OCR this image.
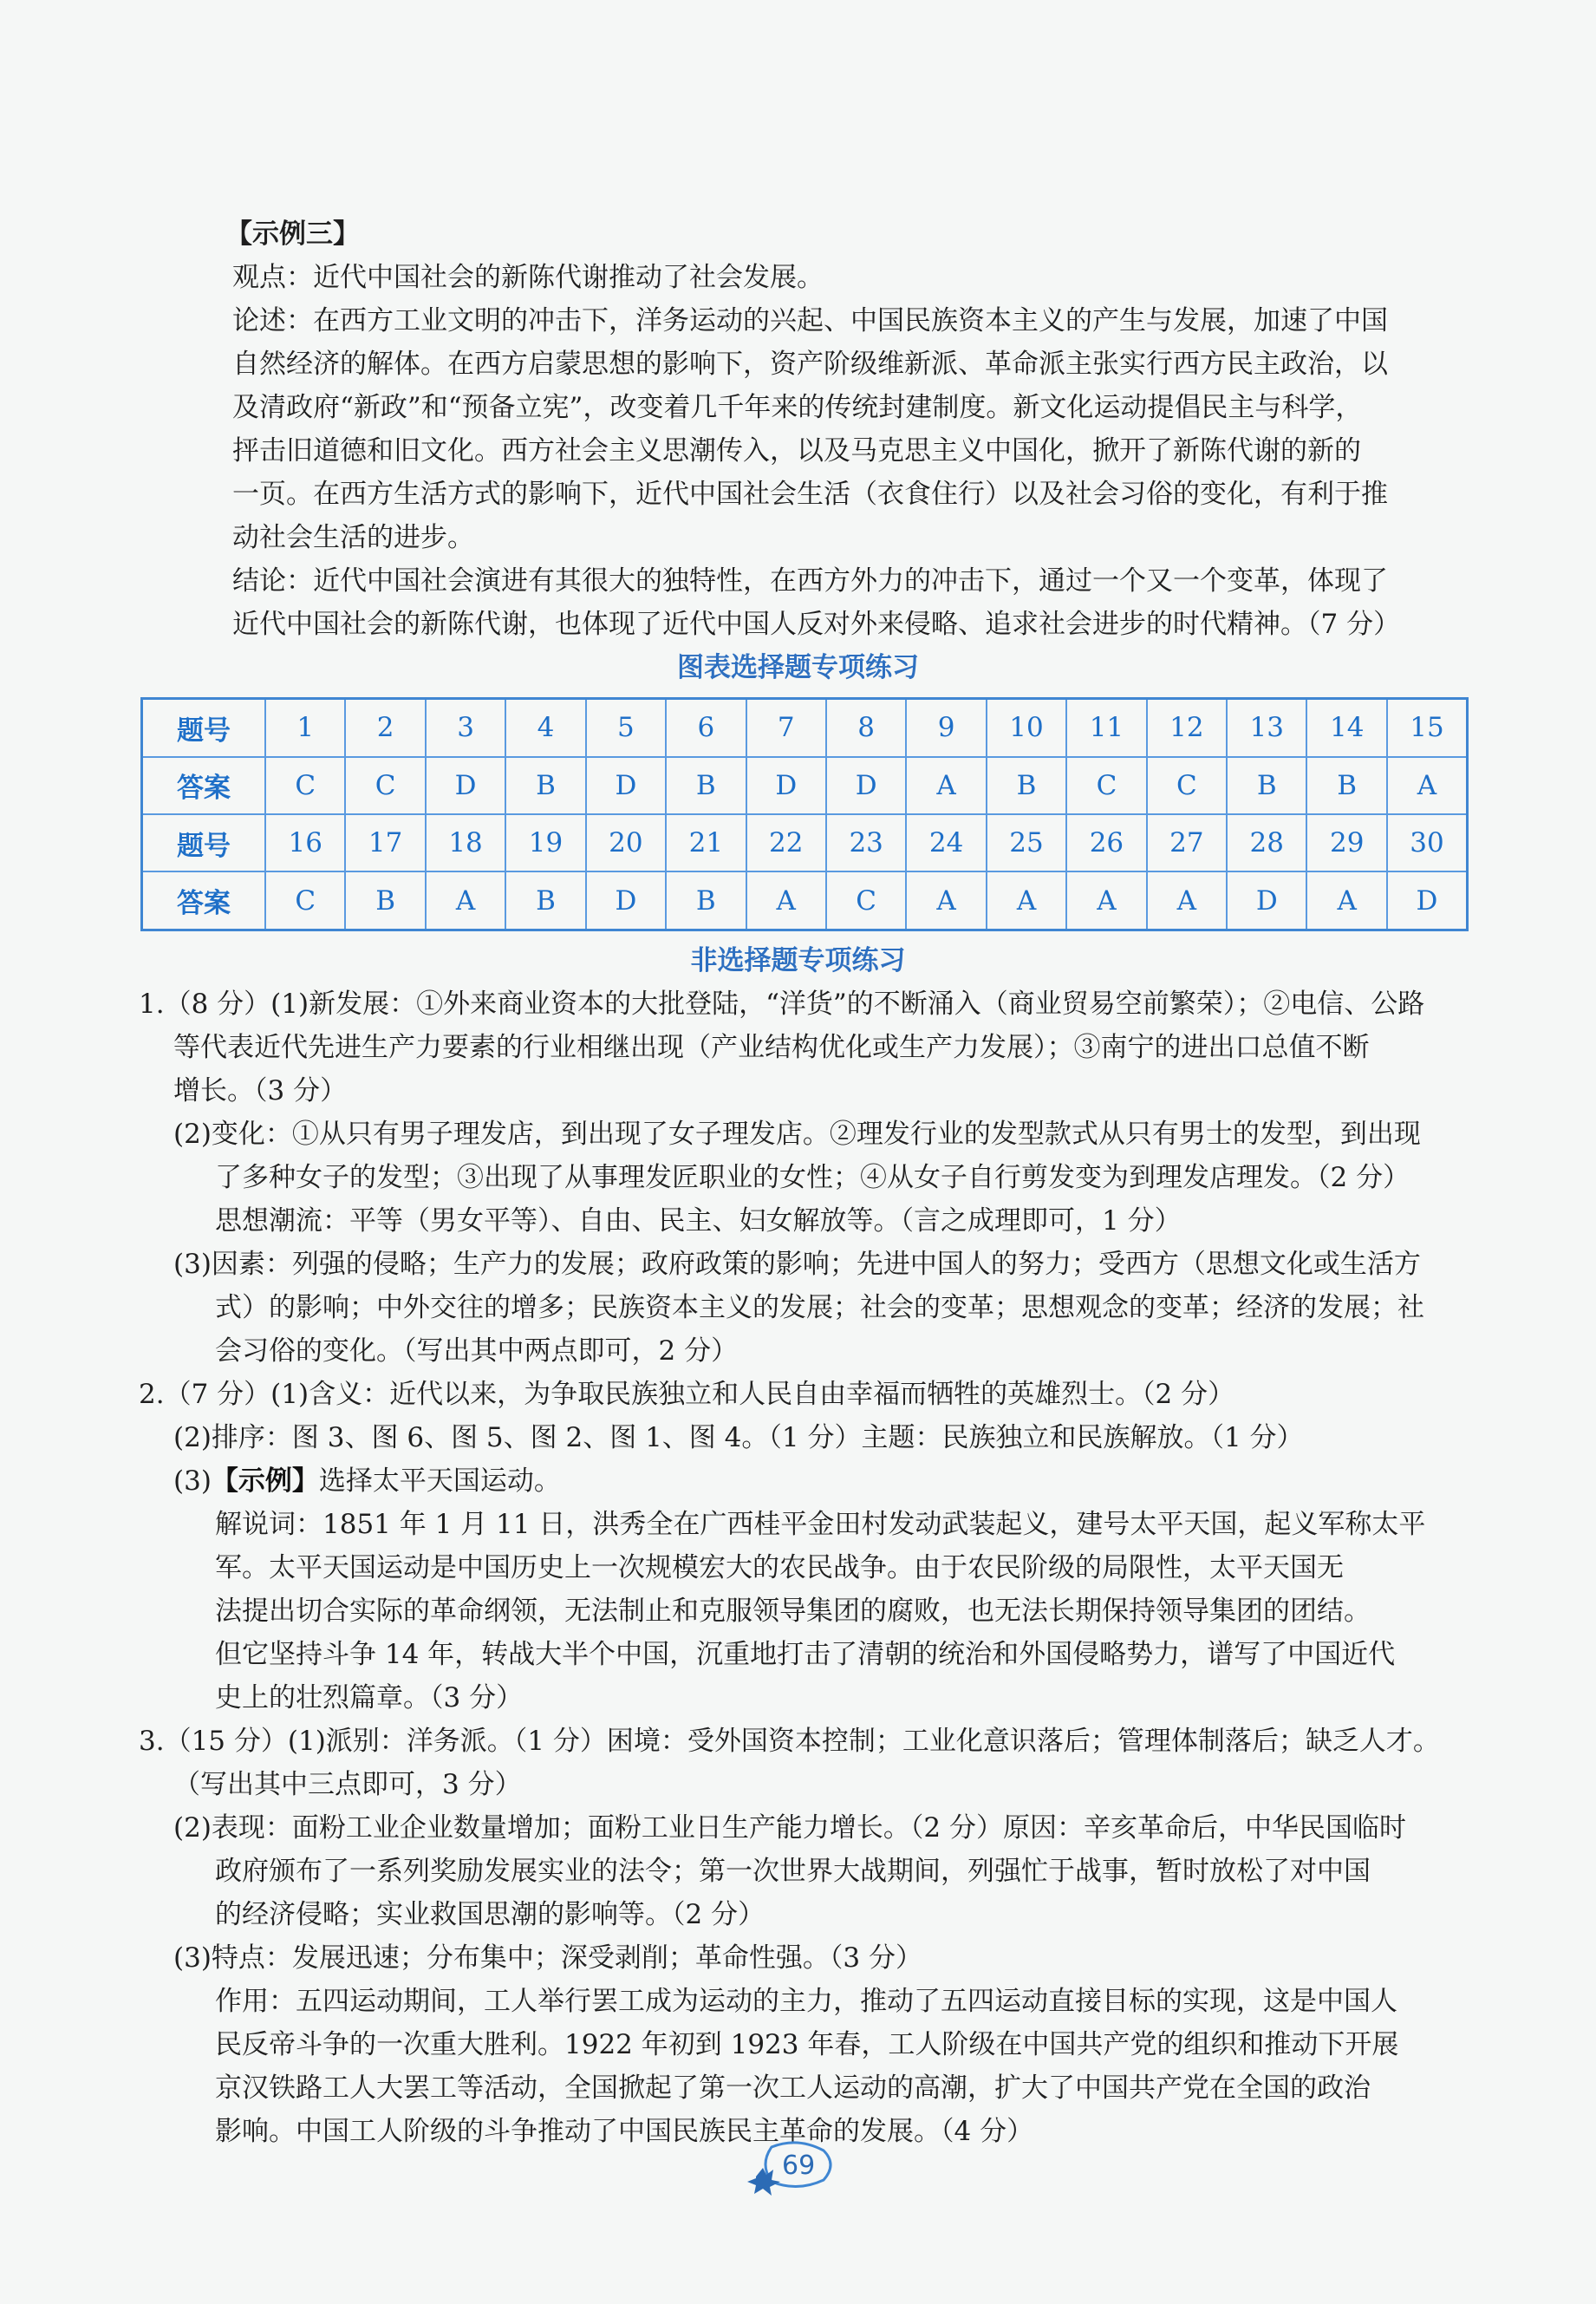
【示例三】
观点：近代中国社会的新陈代谢推动了社会发展。
论述：在西方工业文明的冲击下，洋务运动的兴起、中国民族资本主义的产生与发展，加速了中国
自然经济的解体。在西方启蒙思想的影响下，资产阶级维新派、革命派主张实行西方民主政治，以
及清政府“新政”和“预备立宪”，改变着几千年来的传统封建制度。新文化运动提倡民主与科学，
抨击旧道德和旧文化。西方社会主义思潮传入，以及马克思主义中国化，掀开了新陈代谢的新的
一页。在西方生活方式的影响下，近代中国社会生活（衣食住行）以及社会习俗的变化，有利于推
动社会生活的进步。
结论：近代中国社会演进有其很大的独特性，在西方外力的冲击下，通过一个又一个变革，体现了
近代中国社会的新陈代谢，也体现了近代中国人反对外来侵略、追求社会进步的时代精神。（7 分）
图表选择题专项练习
题号	1	2	3	4	5	6	7	8	9	10	11	12	13	14	15
答案	C	C	D	B	D	B	D	D	A	B	C	C	B	B	A
题号	16	17	18	19	20	21	22	23	24	25	26	27	28	29	30
答案	C	B	A	B	D	B	A	C	A	A	A	A	D	A	D
非选择题专项练习
1.（8 分）(1)新发展：①外来商业资本的大批登陆，“洋货”的不断涌入（商业贸易空前繁荣）；②电信、公路
等代表近代先进生产力要素的行业相继出现（产业结构优化或生产力发展）；③南宁的进出口总值不断
增长。（3 分）
(2)变化：①从只有男子理发店，到出现了女子理发店。②理发行业的发型款式从只有男士的发型，到出现
了多种女子的发型；③出现了从事理发匠职业的女性；④从女子自行剪发变为到理发店理发。（2 分）
思想潮流：平等（男女平等）、自由、民主、妇女解放等。（言之成理即可，1 分）
(3)因素：列强的侵略；生产力的发展；政府政策的影响；先进中国人的努力；受西方（思想文化或生活方
式）的影响；中外交往的增多；民族资本主义的发展；社会的变革；思想观念的变革；经济的发展；社
会习俗的变化。（写出其中两点即可，2 分）
2.（7 分）(1)含义：近代以来，为争取民族独立和人民自由幸福而牺牲的英雄烈士。（2 分）
(2)排序：图 3、图 6、图 5、图 2、图 1、图 4。（1 分）主题：民族独立和民族解放。（1 分）
(3)【示例】选择太平天国运动。
解说词：1851 年 1 月 11 日，洪秀全在广西桂平金田村发动武装起义，建号太平天国，起义军称太平
军。太平天国运动是中国历史上一次规模宏大的农民战争。由于农民阶级的局限性，太平天国无
法提出切合实际的革命纲领，无法制止和克服领导集团的腐败，也无法长期保持领导集团的团结。
但它坚持斗争 14 年，转战大半个中国，沉重地打击了清朝的统治和外国侵略势力，谱写了中国近代
史上的壮烈篇章。（3 分）
3.（15 分）(1)派别：洋务派。（1 分）困境：受外国资本控制；工业化意识落后；管理体制落后；缺乏人才。
（写出其中三点即可，3 分）
(2)表现：面粉工业企业数量增加；面粉工业日生产能力增长。（2 分）原因：辛亥革命后，中华民国临时
政府颁布了一系列奖励发展实业的法令；第一次世界大战期间，列强忙于战事，暂时放松了对中国
的经济侵略；实业救国思潮的影响等。（2 分）
(3)特点：发展迅速；分布集中；深受剥削；革命性强。（3 分）
作用：五四运动期间，工人举行罢工成为运动的主力，推动了五四运动直接目标的实现，这是中国人
民反帝斗争的一次重大胜利。1922 年初到 1923 年春，工人阶级在中国共产党的组织和推动下开展
京汉铁路工人大罢工等活动，全国掀起了第一次工人运动的高潮，扩大了中国共产党在全国的政治
影响。中国工人阶级的斗争推动了中国民族民主革命的发展。（4 分）
69
